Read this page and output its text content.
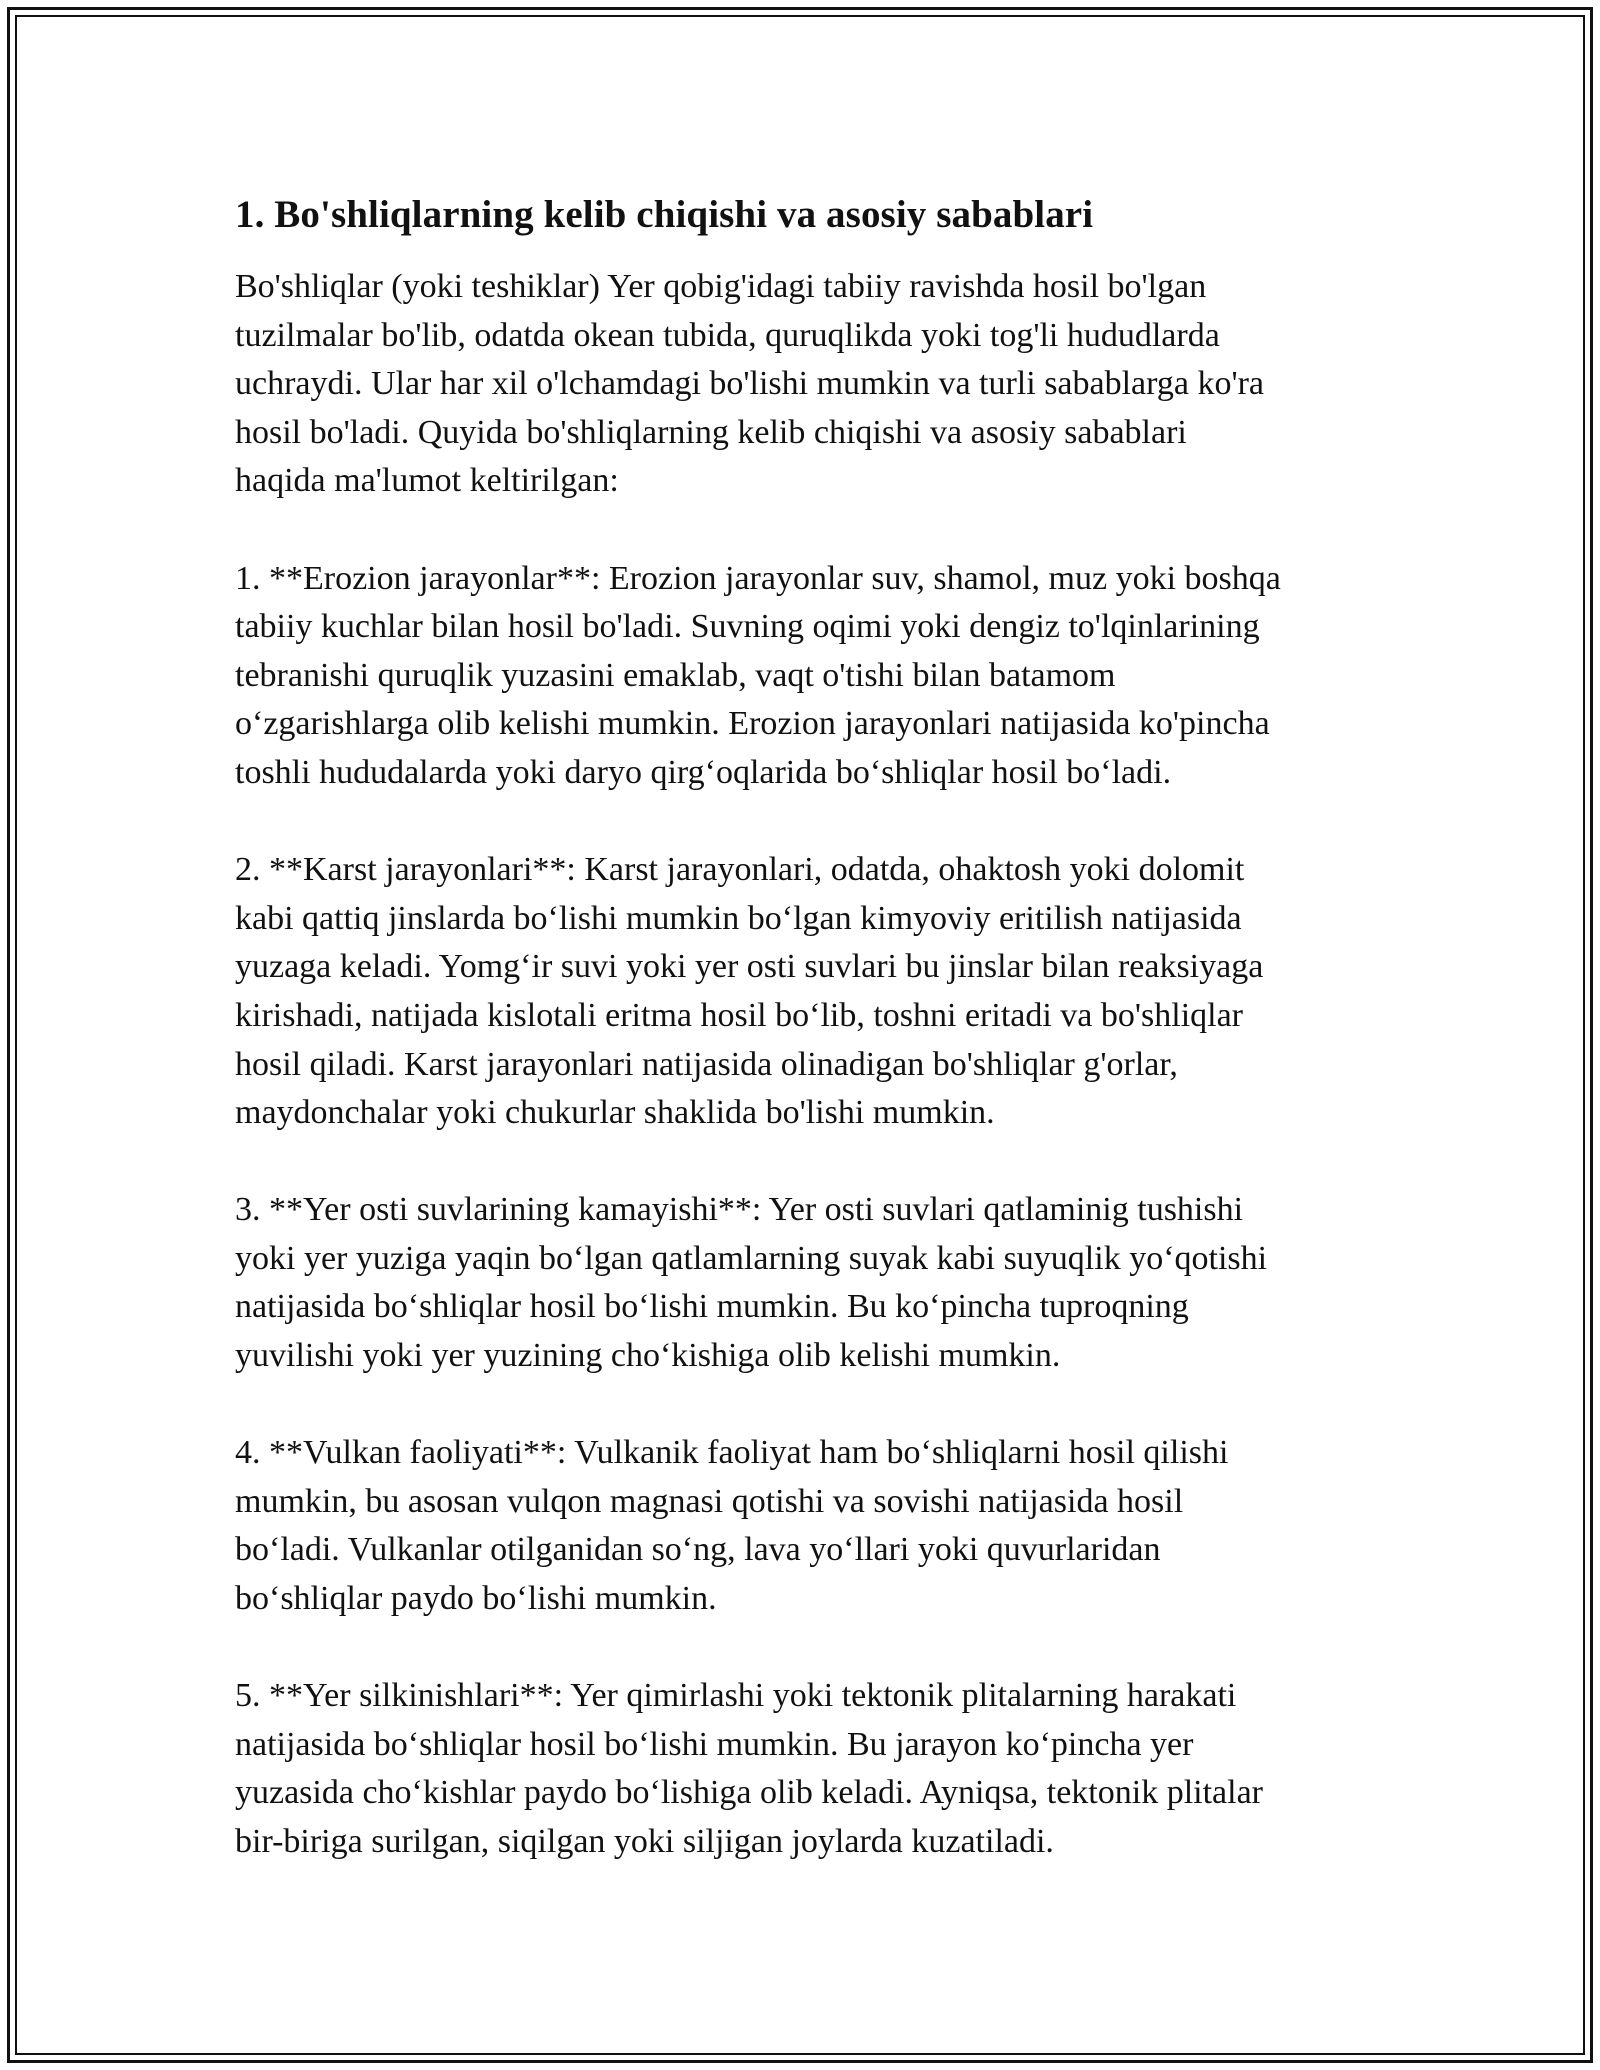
1. Bo'shliqlarning kelib chiqishi va asosiy sabablari

Bo'shliqlar (yoki teshiklar) Yer qobig'idagi tabiiy ravishda hosil bo'lgan
tuzilmalar bo'lib, odatda okean tubida, quruqlikda yoki tog'li hududlarda
uchraydi. Ular har xil o'lchamdagi bo'lishi mumkin va turli sabablarga ko'ra
hosil bo'ladi. Quyida bo'shliqlarning kelib chiqishi va asosiy sabablari
haqida ma'lumot keltirilgan:

1. **Erozion jarayonlar**: Erozion jarayonlar suv, shamol, muz yoki boshqa
tabiiy kuchlar bilan hosil bo'ladi. Suvning oqimi yoki dengiz to'lqinlarining
tebranishi quruqlik yuzasini emaklab, vaqt o'tishi bilan batamom
o‘zgarishlarga olib kelishi mumkin. Erozion jarayonlari natijasida ko'pincha
toshli hududalarda yoki daryo qirg‘oqlarida bo‘shliqlar hosil bo‘ladi.

2. **Karst jarayonlari**: Karst jarayonlari, odatda, ohaktosh yoki dolomit
kabi qattiq jinslarda bo‘lishi mumkin bo‘lgan kimyoviy eritilish natijasida
yuzaga keladi. Yomg‘ir suvi yoki yer osti suvlari bu jinslar bilan reaksiyaga
kirishadi, natijada kislotali eritma hosil bo‘lib, toshni eritadi va bo'shliqlar
hosil qiladi. Karst jarayonlari natijasida olinadigan bo'shliqlar g'orlar,
maydonchalar yoki chukurlar shaklida bo'lishi mumkin.

3. **Yer osti suvlarining kamayishi**: Yer osti suvlari qatlaminig tushishi
yoki yer yuziga yaqin bo‘lgan qatlamlarning suyak kabi suyuqlik yo‘qotishi
natijasida bo‘shliqlar hosil bo‘lishi mumkin. Bu ko‘pincha tuproqning
yuvilishi yoki yer yuzining cho‘kishiga olib kelishi mumkin.

4. **Vulkan faoliyati**: Vulkanik faoliyat ham bo‘shliqlarni hosil qilishi
mumkin, bu asosan vulqon magnasi qotishi va sovishi natijasida hosil
bo‘ladi. Vulkanlar otilganidan so‘ng, lava yo‘llari yoki quvurlaridan
bo‘shliqlar paydo bo‘lishi mumkin.

5. **Yer silkinishlari**: Yer qimirlashi yoki tektonik plitalarning harakati
natijasida bo‘shliqlar hosil bo‘lishi mumkin. Bu jarayon ko‘pincha yer
yuzasida cho‘kishlar paydo bo‘lishiga olib keladi. Ayniqsa, tektonik plitalar
bir-biriga surilgan, siqilgan yoki siljigan joylarda kuzatiladi.
